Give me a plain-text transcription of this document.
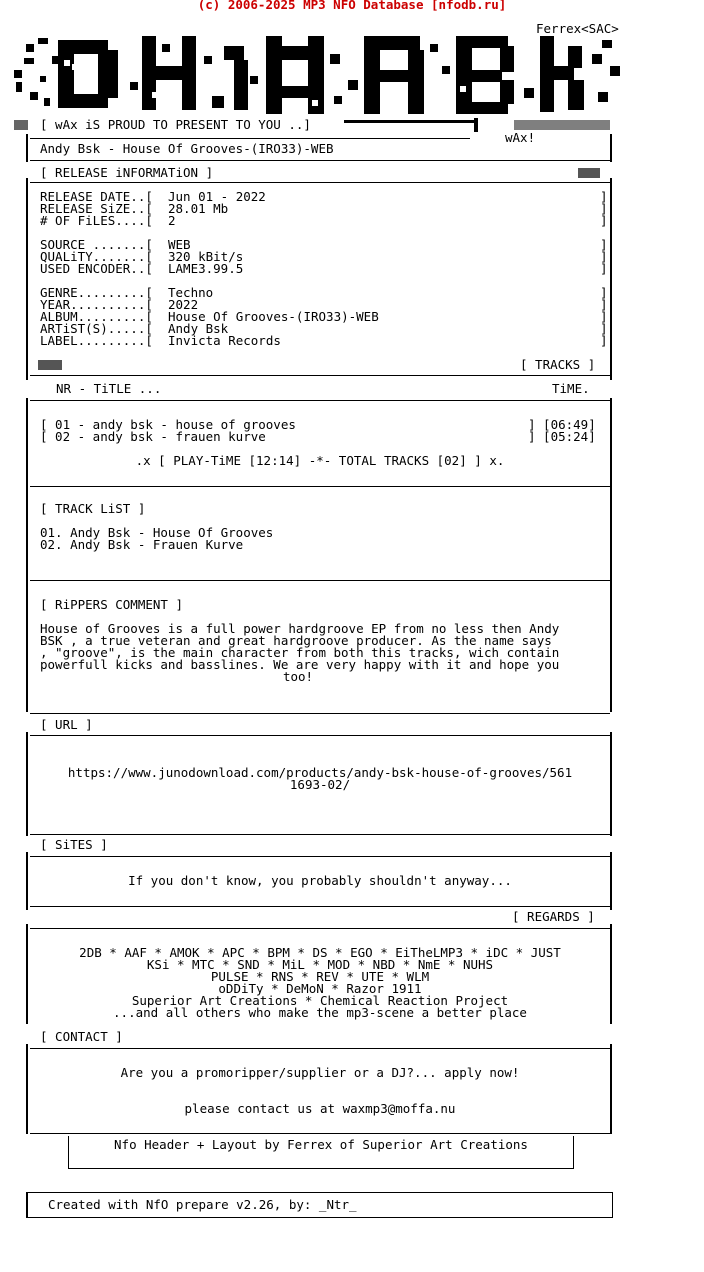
(c) 2006-2025 MP3 NFO Database [nfodb.ru]
Ferrex<SAC>
[ wAx iS PROUD TO PRESENT TO YOU ..]
wAx!
Andy Bsk - House Of Grooves-(IRO33)-WEB
[ RELEASE iNFORMATiON ]
RELEASE DATE..[ Jun 01 - 2022	]
RELEASE SiZE..[ 28.01 Mb	]
# OF FiLES....[ 2	]
SOURCE .......[ WEB	]
QUALiTY.......[ 320 kBit/s	]
USED ENCODER..[ LAME3.99.5	]
GENRE.........[ Techno	]
YEAR..........[ 2022	]
ALBUM.........[ House Of Grooves-(IRO33)-WEB	]
ARTiST(S).....[ Andy Bsk	]
LABEL.........[ Invicta Records	]
[ TRACKS ]
NR - TiTLE ...	TiME.
[ 01 - andy bsk - house of grooves	] [06:49]
[ 02 - andy bsk - frauen kurve	] [05:24]
.x [ PLAY-TiME [12:14] -*- TOTAL TRACKS [02] ] x.
[ TRACK LiST ]
01. Andy Bsk - House Of Grooves
02. Andy Bsk - Frauen Kurve
[ RiPPERS COMMENT ]
House of Grooves is a full power hardgroove EP from no less then Andy
BSK , a true veteran and great hardgroove producer. As the name says
, "groove", is the main character from both this tracks, wich contain
powerfull kicks and basslines. We are very happy with it and hope you
too!
[ URL ]
https://www.junodownload.com/products/andy-bsk-house-of-grooves/561
1693-02/
[ SiTES ]
If you don't know, you probably shouldn't anyway...
[ REGARDS ]
2DB * AAF * AMOK * APC * BPM * DS * EGO * EiTheLMP3 * iDC * JUST
KSi * MTC * SND * MiL * MOD * NBD * NmE * NUHS
PULSE * RNS * REV * UTE * WLM
oDDiTy * DeMoN * Razor 1911
Superior Art Creations * Chemical Reaction Project
...and all others who make the mp3-scene a better place
[ CONTACT ]
Are you a promoripper/supplier or a DJ?... apply now!
please contact us at waxmp3@moffa.nu
Nfo Header + Layout by Ferrex of Superior Art Creations
Created with NfO prepare v2.26, by: _Ntr_
